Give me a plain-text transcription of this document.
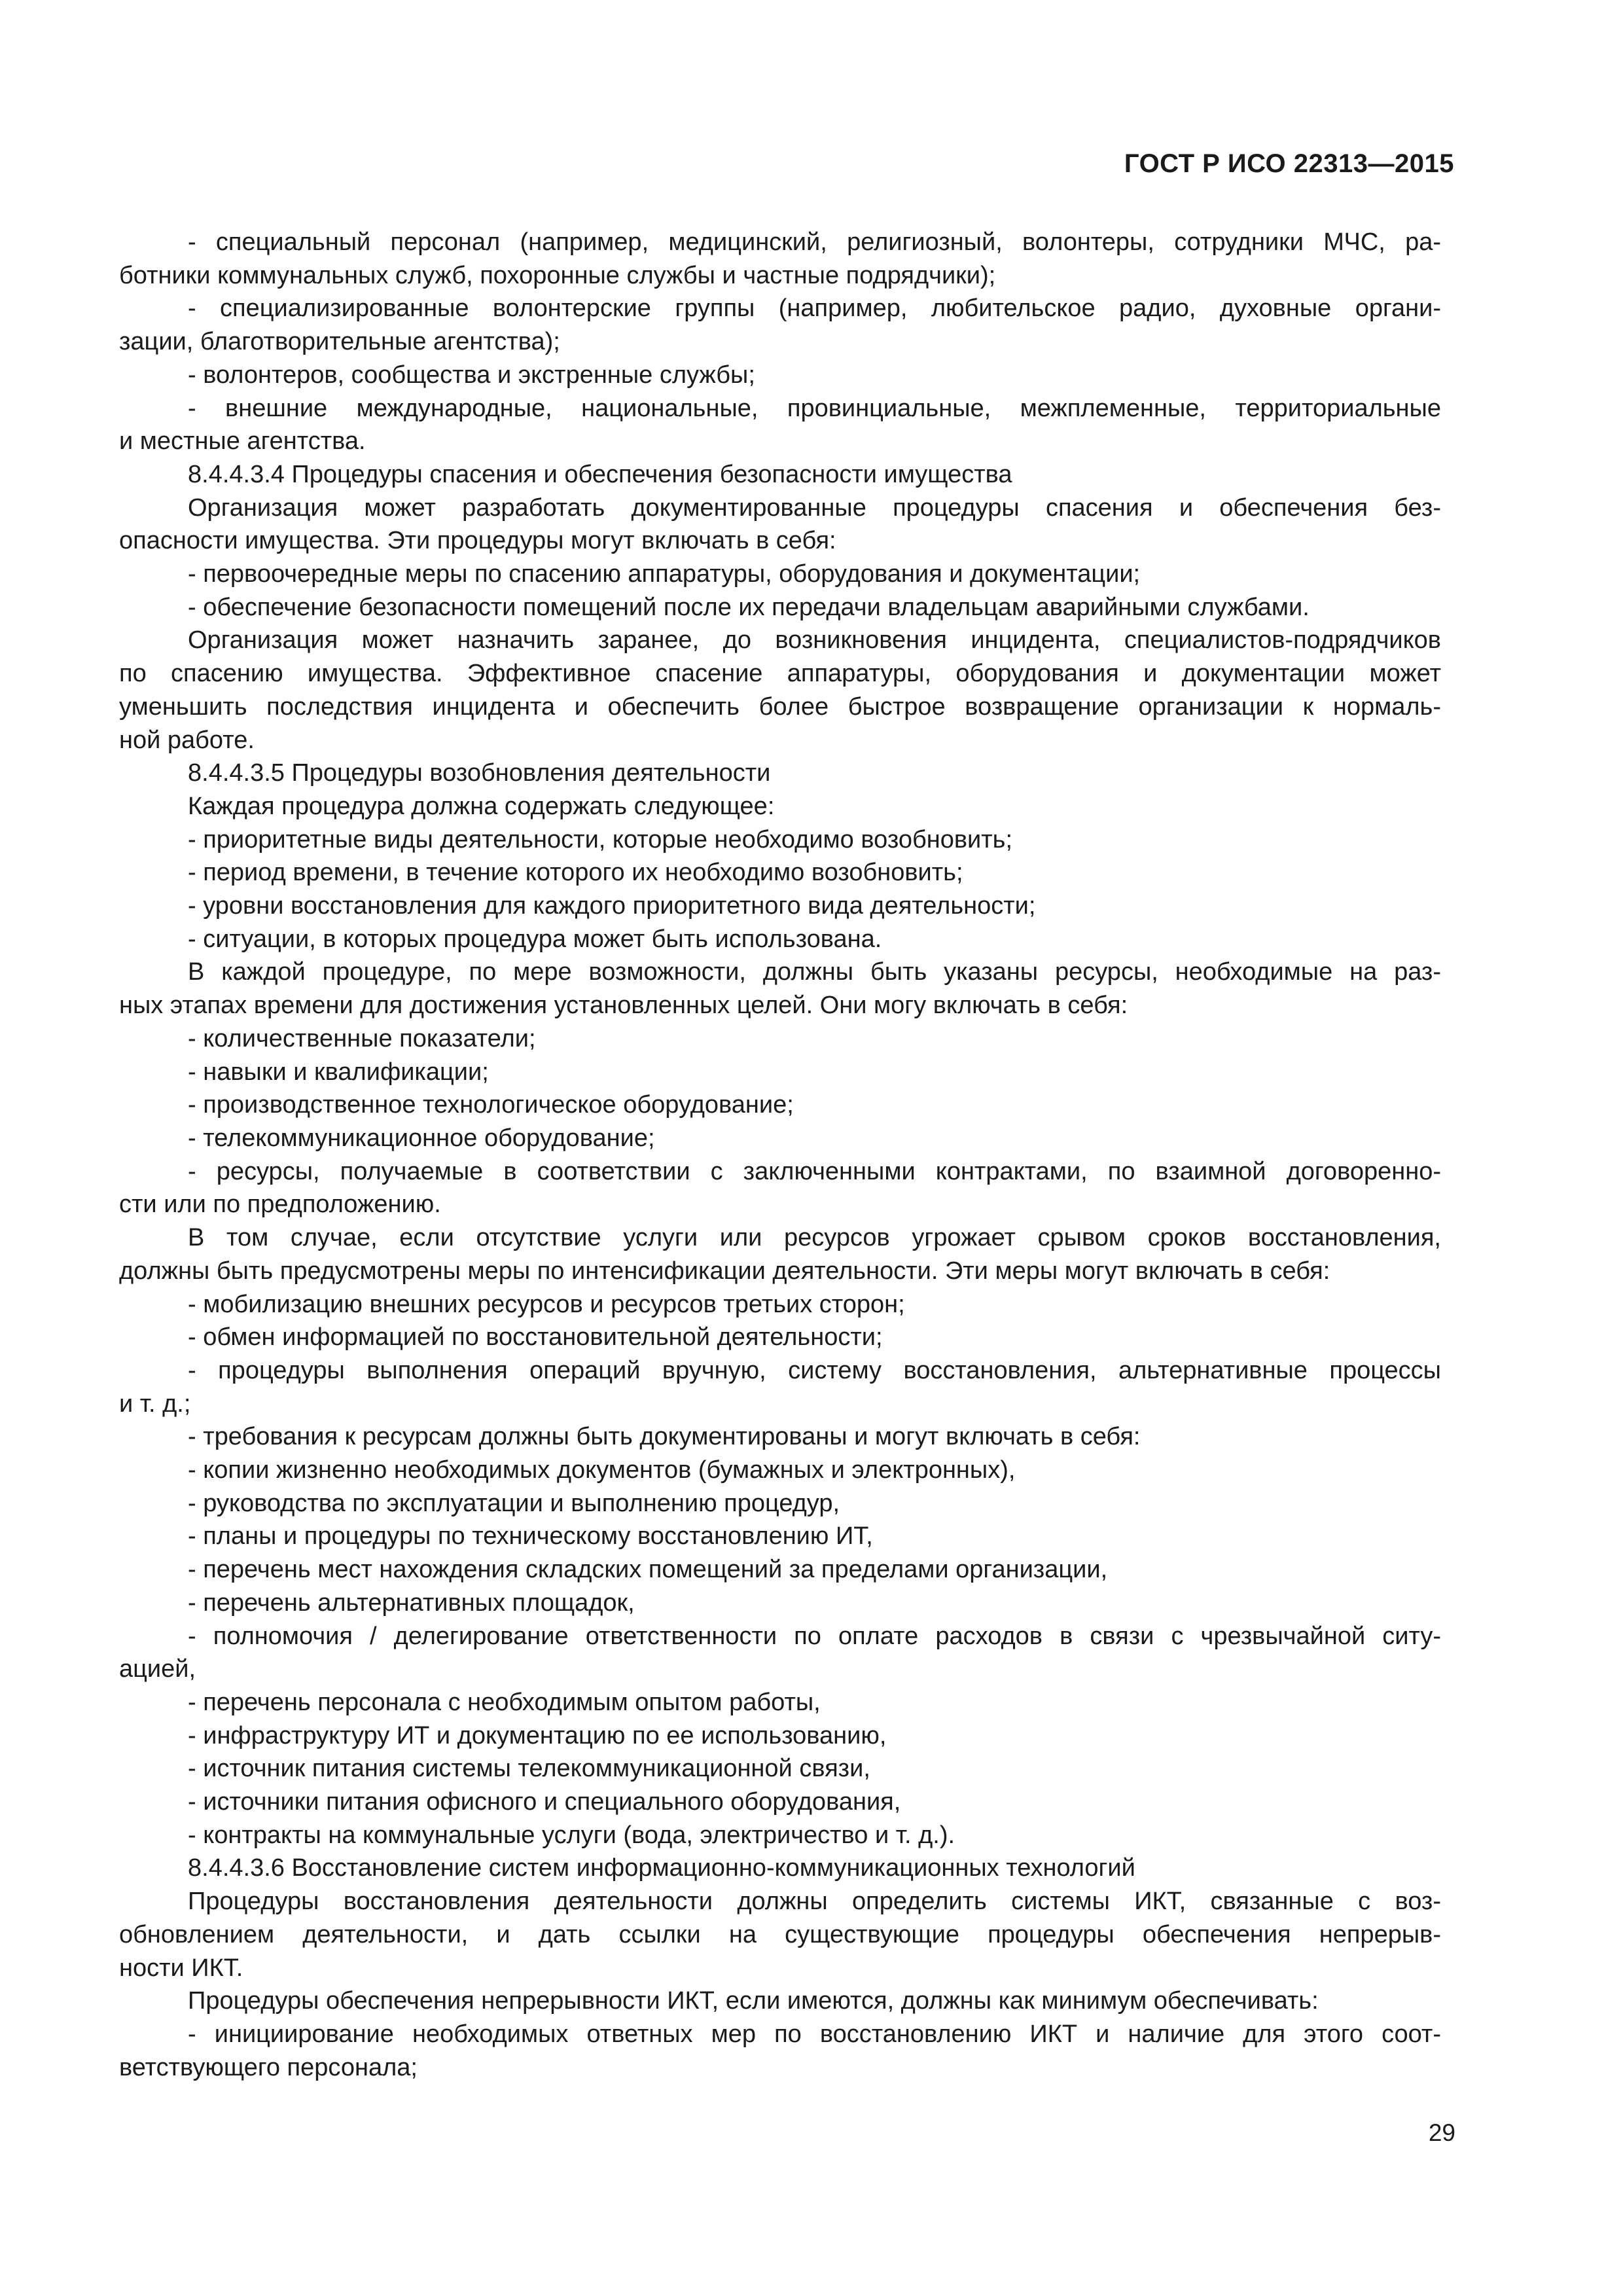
ГОСТ Р ИСО 22313—2015
- специальный персонал (например, медицинский, религиозный, волонтеры, сотрудники МЧС, ра-
ботники коммунальных служб, похоронные службы и частные подрядчики);
- специализированные волонтерские группы (например, любительское радио, духовные органи-
зации, благотворительные агентства);
- волонтеров, сообщества и экстренные службы;
- внешние международные, национальные, провинциальные, межплеменные, территориальные
и местные агентства.
8.4.4.3.4 Процедуры спасения и обеспечения безопасности имущества
Организация может разработать документированные процедуры спасения и обеспечения без-
опасности имущества. Эти процедуры могут включать в себя:
- первоочередные меры по спасению аппаратуры, оборудования и документации;
- обеспечение безопасности помещений после их передачи владельцам аварийными службами.
Организация может назначить заранее, до возникновения инцидента, специалистов-подрядчиков
по спасению имущества. Эффективное спасение аппаратуры, оборудования и документации может
уменьшить последствия инцидента и обеспечить более быстрое возвращение организации к нормаль-
ной работе.
8.4.4.3.5 Процедуры возобновления деятельности
Каждая процедура должна содержать следующее:
- приоритетные виды деятельности, которые необходимо возобновить;
- период времени, в течение которого их необходимо возобновить;
- уровни восстановления для каждого приоритетного вида деятельности;
- ситуации, в которых процедура может быть использована.
В каждой процедуре, по мере возможности, должны быть указаны ресурсы, необходимые на раз-
ных этапах времени для достижения установленных целей. Они могу включать в себя:
- количественные показатели;
- навыки и квалификации;
- производственное технологическое оборудование;
- телекоммуникационное оборудование;
- ресурсы, получаемые в соответствии с заключенными контрактами, по взаимной договоренно-
сти или по предположению.
В том случае, если отсутствие услуги или ресурсов угрожает срывом сроков восстановления,
должны быть предусмотрены меры по интенсификации деятельности. Эти меры могут включать в себя:
- мобилизацию внешних ресурсов и ресурсов третьих сторон;
- обмен информацией по восстановительной деятельности;
- процедуры выполнения операций вручную, систему восстановления, альтернативные процессы
и т. д.;
- требования к ресурсам должны быть документированы и могут включать в себя:
- копии жизненно необходимых документов (бумажных и электронных),
- руководства по эксплуатации и выполнению процедур,
- планы и процедуры по техническому восстановлению ИТ,
- перечень мест нахождения складских помещений за пределами организации,
- перечень альтернативных площадок,
- полномочия / делегирование ответственности по оплате расходов в связи с чрезвычайной ситу-
ацией,
- перечень персонала с необходимым опытом работы,
- инфраструктуру ИТ и документацию по ее использованию,
- источник питания системы телекоммуникационной связи,
- источники питания офисного и специального оборудования,
- контракты на коммунальные услуги (вода, электричество и т. д.).
8.4.4.3.6 Восстановление систем информационно-коммуникационных технологий
Процедуры восстановления деятельности должны определить системы ИКТ, связанные с воз-
обновлением деятельности, и дать ссылки на существующие процедуры обеспечения непрерыв-
ности ИКТ.
Процедуры обеспечения непрерывности ИКТ, если имеются, должны как минимум обеспечивать:
- инициирование необходимых ответных мер по восстановлению ИКТ и наличие для этого соот-
ветствующего персонала;
29
